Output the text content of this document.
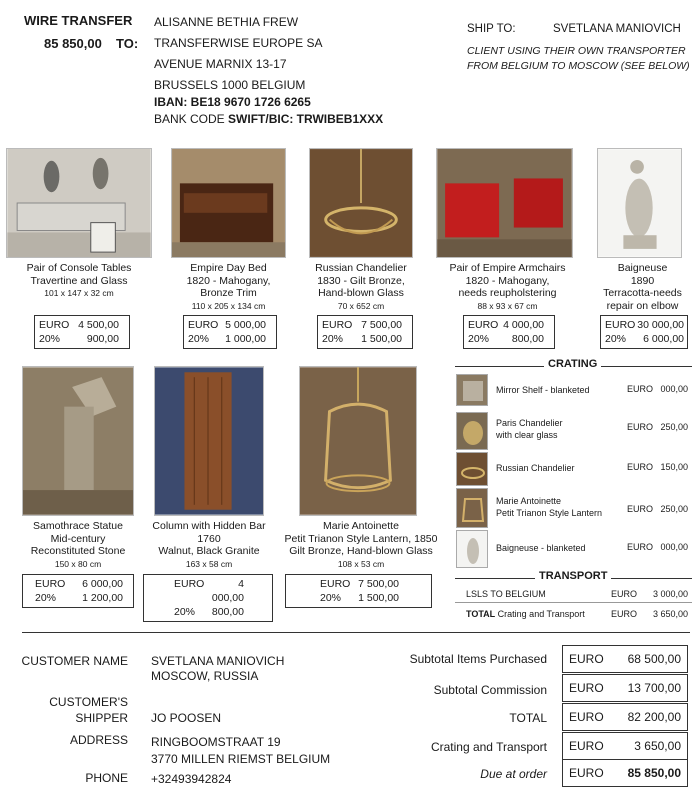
WIRE TRANSFER
85 850,00 TO:
ALISANNE BETHIA FREW
TRANSFERWISE EUROPE SA
AVENUE MARNIX 13-17
BRUSSELS 1000 BELGIUM
IBAN: BE18 9670 1726 6265
BANK CODE SWIFT/BIC: TRWIBEB1XXX
SHIP TO:	SVETLANA MANIOVICH
CLIENT USING THEIR OWN TRANSPORTER
FROM BELGIUM TO MOSCOW (SEE BELOW)
Pair of Console Tables
Travertine and Glass
101 x 147 x 32 cm
Empire Day Bed
1820 - Mahogany,
Bronze Trim
110 x 205 x 134 cm
Russian Chandelier
1830 - Gilt Bronze,
Hand-blown Glass
70 x 652 cm
Pair of Empire Armchairs
1820 - Mahogany,
needs reupholstering
88 x 93 x 67 cm
Baigneuse
1890
Terracotta-needs
repair on elbow
EURO 4 500,00
20%	900,00
EURO 5 000,00
20%	1 000,00
EURO 7 500,00
20%	1 500,00
EURO 4 000,00
20%	800,00
EURO 30 000,00
20%	6 000,00
Samothrace Statue
Mid-century
Reconstituted Stone
150 x 80 cm
Column with Hidden Bar
1760
Walnut, Black Granite
163 x 58 cm
Marie Antoinette
Petit Trianon Style Lantern, 1850
Gilt Bronze, Hand-blown Glass
108 x 53 cm
EURO	6 000,00
20%	1 200,00
EURO	4 000,00
20%	800,00
EURO 7 500,00
20%	1 500,00
CRATING
Mirror Shelf - blanketed	EURO 000,00
Paris Chandelier
with clear glass
EURO 250,00
Russian Chandelier	EURO 150,00
Marie Antoinette
Petit Trianon Style Lantern	EURO 250,00
Baigneuse - blanketed	EURO 000,00
TRANSPORT
LSLS TO BELGIUM	EURO	3 000,00
TOTAL Crating and Transport	EURO	3 650,00
CUSTOMER NAME SVETLANA MANIOVICH
MOSCOW, RUSSIA
CUSTOMER'S
SHIPPER JO POOSEN
ADDRESS RINGBOOMSTRAAT 19
3770 MILLEN RIEMST BELGIUM
PHONE +32493942824
Subtotal Items Purchased EURO	68 500,00
Subtotal Commission EURO	13 700,00
TOTAL EURO	82 200,00
Crating and Transport EURO	3 650,00
Due at order EURO	85 850,00
